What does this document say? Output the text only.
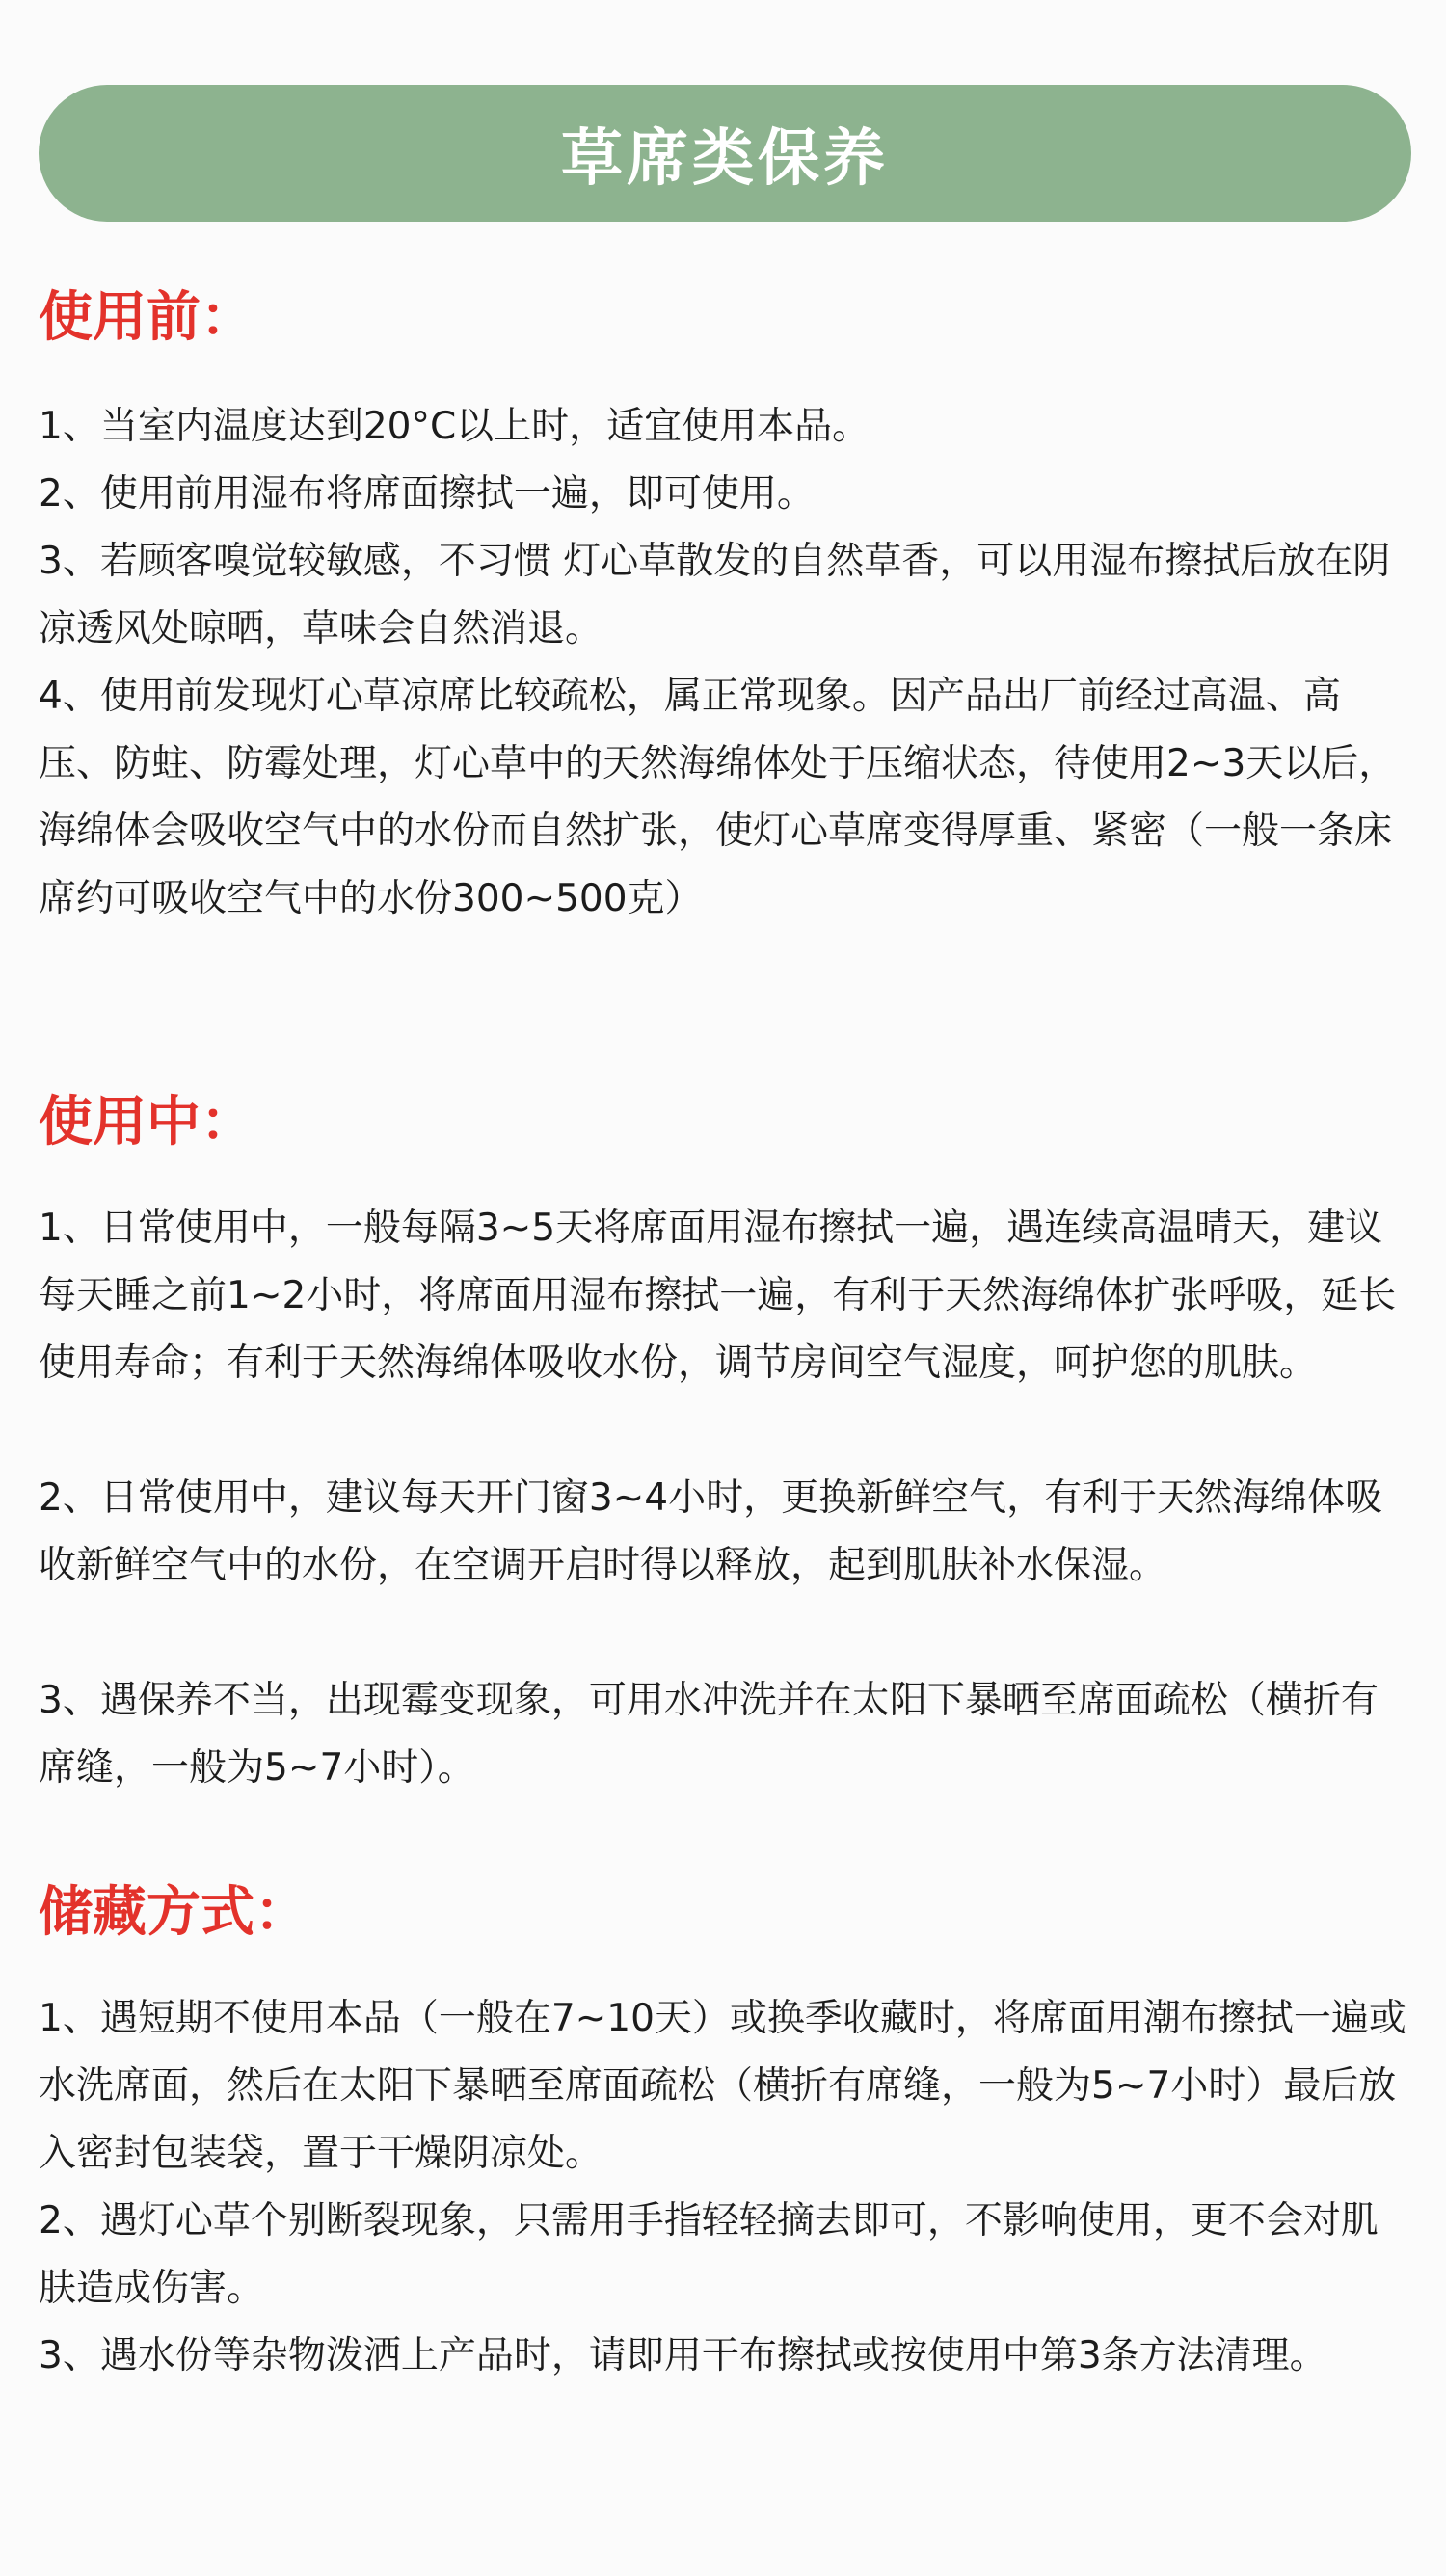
草席类保养
使用前：
1、当室内温度达到20°C以上时，适宜使用本品。
2、使用前用湿布将席面擦拭一遍，即可使用。
3、若顾客嗅觉较敏感，不习惯 灯心草散发的自然草香，可以用湿布擦拭后放在阴凉透风处晾晒，草味会自然消退。
4、使用前发现灯心草凉席比较疏松，属正常现象。因产品出厂前经过高温、高压、防蛀、防霉处理，灯心草中的天然海绵体处于压缩状态，待使用2~3天以后，海绵体会吸收空气中的水份而自然扩张，使灯心草席变得厚重、紧密（一般一条床席约可吸收空气中的水份300~500克）
使用中：
1、日常使用中，一般每隔3~5天将席面用湿布擦拭一遍，遇连续高温晴天，建议每天睡之前1~2小时，将席面用湿布擦拭一遍，有利于天然海绵体扩张呼吸，延长使用寿命；有利于天然海绵体吸收水份，调节房间空气湿度，呵护您的肌肤。
2、日常使用中，建议每天开门窗3~4小时，更换新鲜空气，有利于天然海绵体吸收新鲜空气中的水份，在空调开启时得以释放，起到肌肤补水保湿。
3、遇保养不当，出现霉变现象，可用水冲洗并在太阳下暴晒至席面疏松（横折有席缝，一般为5~7小时）。
储藏方式：
1、遇短期不使用本品（一般在7~10天）或换季收藏时，将席面用潮布擦拭一遍或水洗席面，然后在太阳下暴晒至席面疏松（横折有席缝，一般为5~7小时）最后放入密封包装袋，置于干燥阴凉处。
2、遇灯心草个别断裂现象，只需用手指轻轻摘去即可，不影响使用，更不会对肌肤造成伤害。
3、遇水份等杂物泼洒上产品时，请即用干布擦拭或按使用中第3条方法清理。
